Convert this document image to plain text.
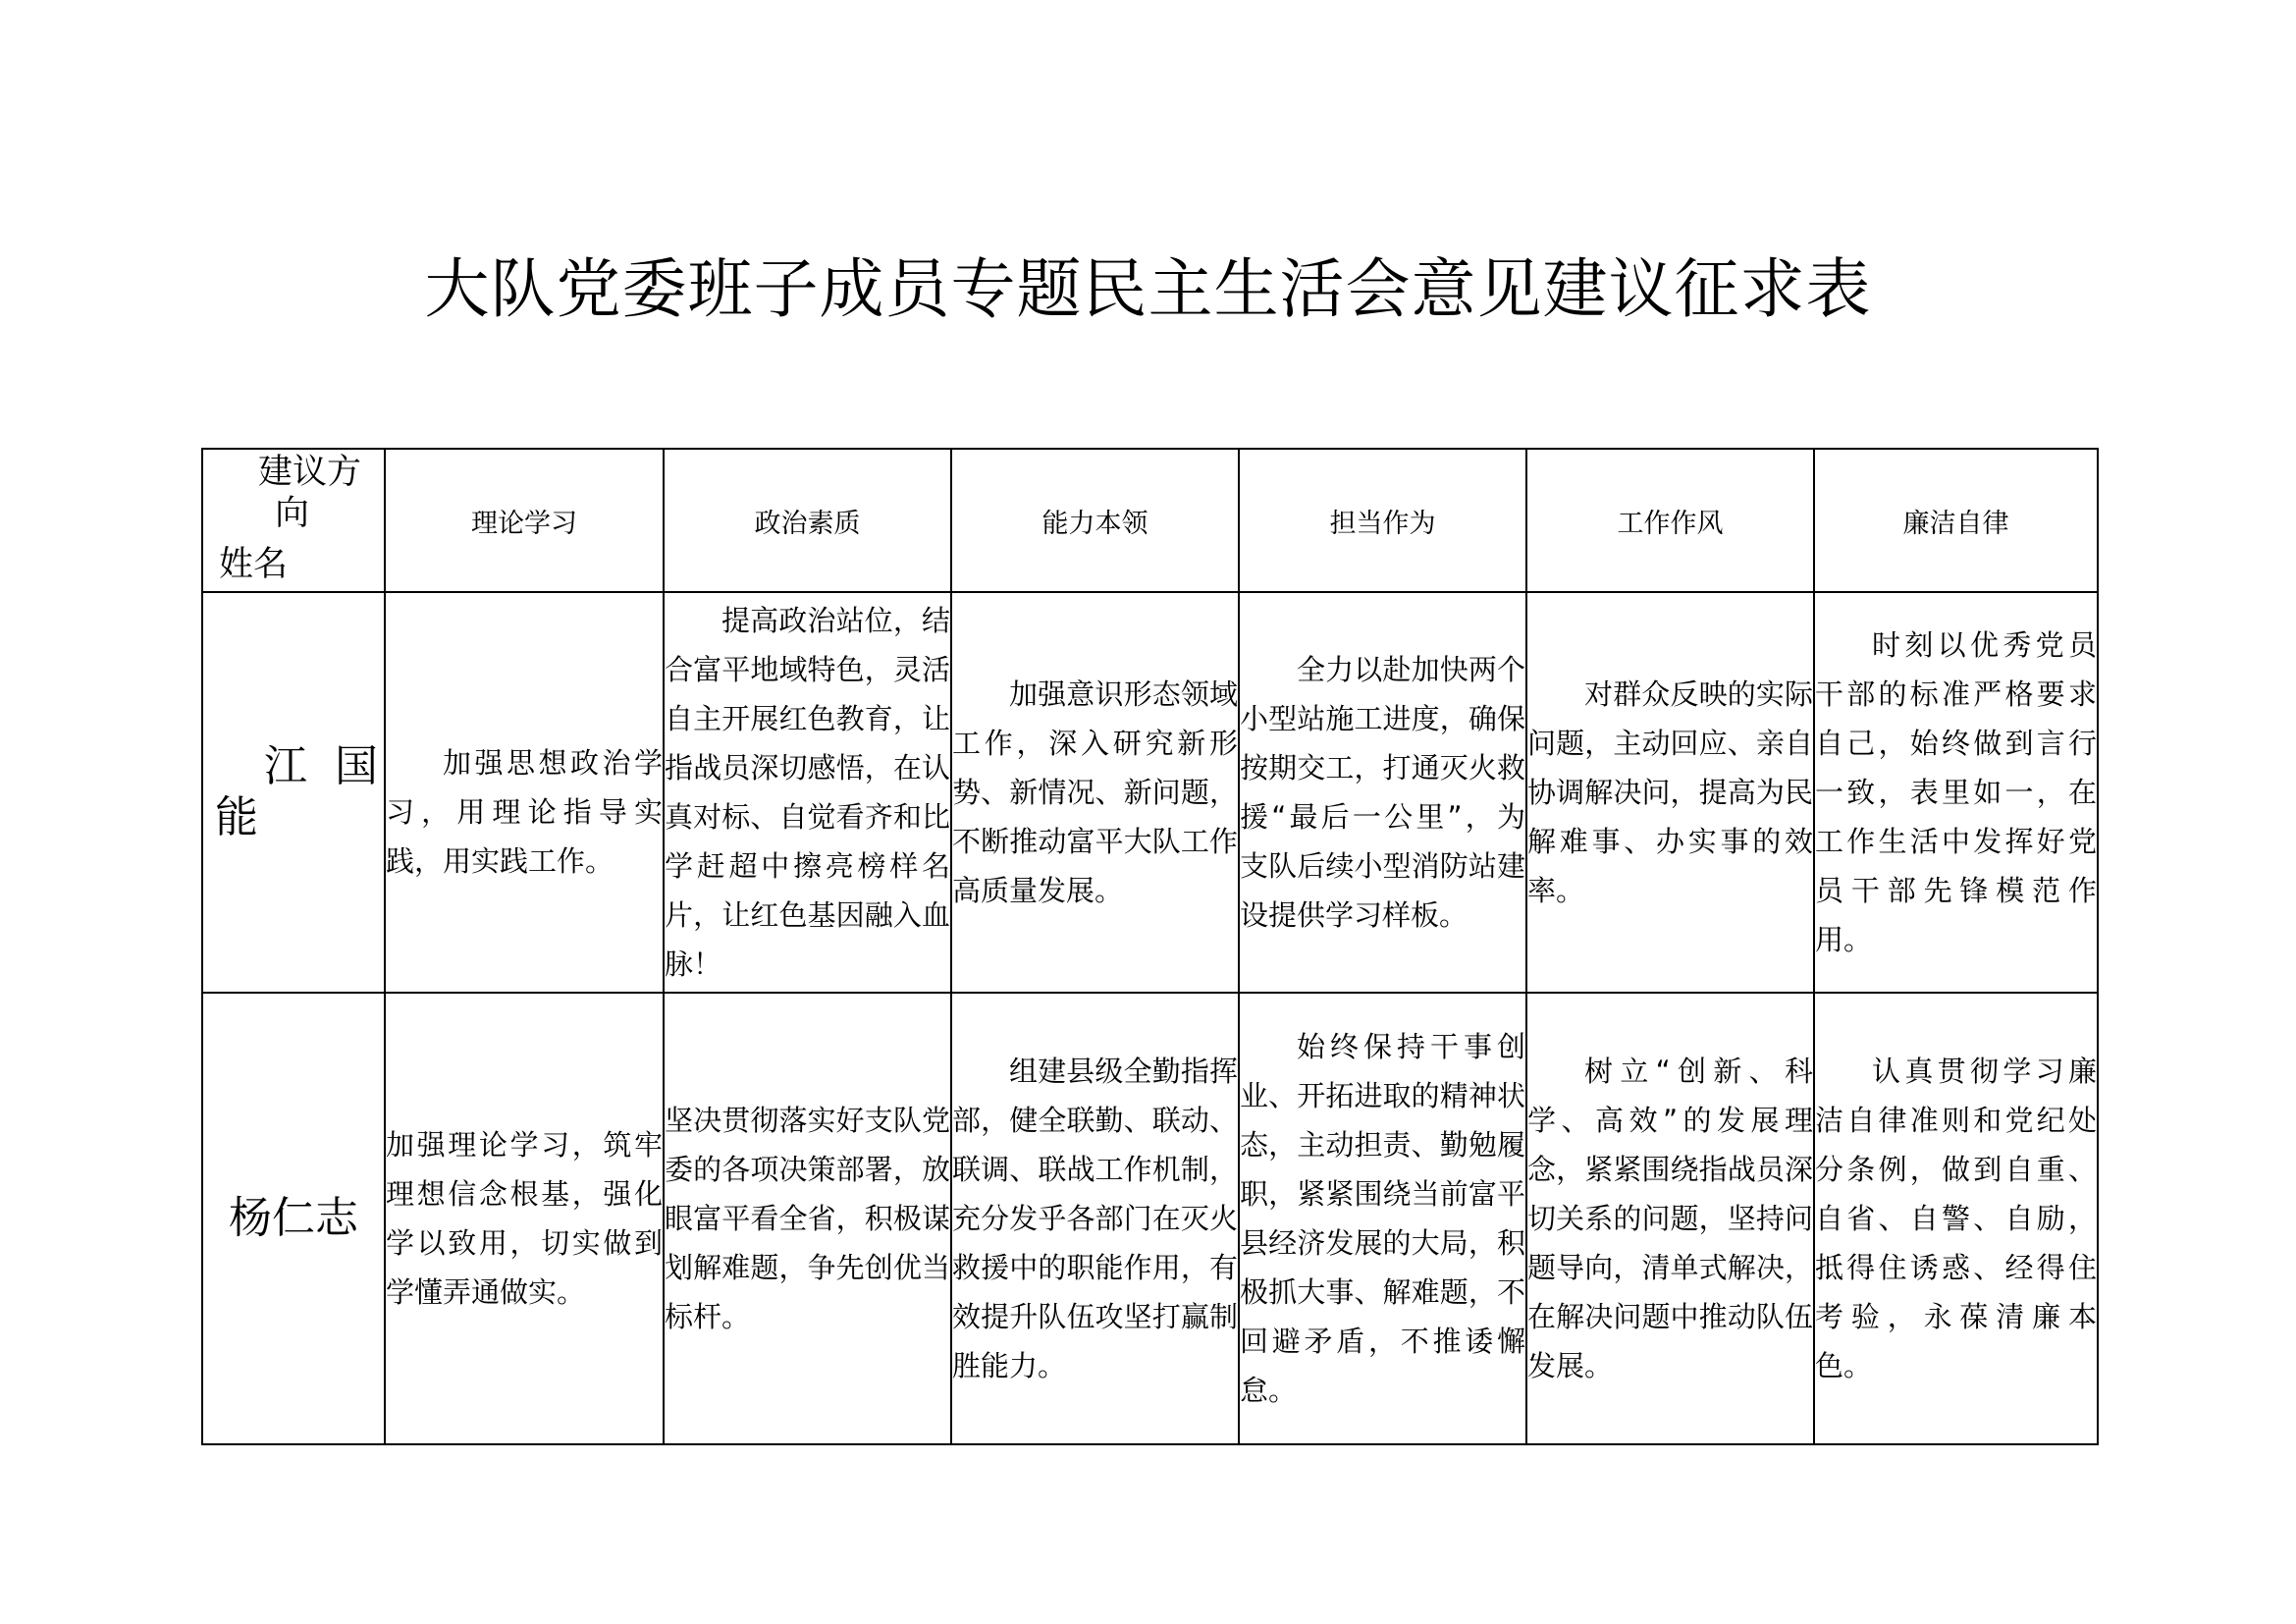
大队党委班子成员专题民主生活会意见建议征求表
建议方
向
姓名	理论学习	政治素质	能力本领	担当作为	工作作风	廉洁自律

江国
能	加强思想政治学习，用理论指导实践，用实践工作。	提高政治站位，结合富平地域特色，灵活自主开展红色教育，让指战员深切感悟，在认真对标、自觉看齐和比学赶超中擦亮榜样名片，让红色基因融入血脉！	加强意识形态领域工作，深入研究新形势、新情况、新问题，不断推动富平大队工作高质量发展。	全力以赴加快两个小型站施工进度，确保按期交工，打通灭火救援“最后一公里”，为支队后续小型消防站建设提供学习样板。	对群众反映的实际问题，主动回应、亲自协调解决问，提高为民解难事、办实事的效率。	时刻以优秀党员干部的标准严格要求自己，始终做到言行一致，表里如一，在工作生活中发挥好党员干部先锋模范作用。

杨仁志	加强理论学习，筑牢理想信念根基，强化学以致用，切实做到学懂弄通做实。	坚决贯彻落实好支队党委的各项决策部署，放眼富平看全省，积极谋划解难题，争先创优当标杆。	组建县级全勤指挥部，健全联勤、联动、联调、联战工作机制，充分发乎各部门在灭火救援中的职能作用，有效提升队伍攻坚打赢制胜能力。	始终保持干事创业、开拓进取的精神状态，主动担责、勤勉履职，紧紧围绕当前富平县经济发展的大局，积极抓大事、解难题，不回避矛盾，不推诿懈怠。	树立“创新、科学、高效”的发展理念，紧紧围绕指战员深切关系的问题，坚持问题导向，清单式解决，在解决问题中推动队伍发展。	认真贯彻学习廉洁自律准则和党纪处分条例，做到自重、自省、自警、自励，抵得住诱惑、经得住考验，永葆清廉本色。
